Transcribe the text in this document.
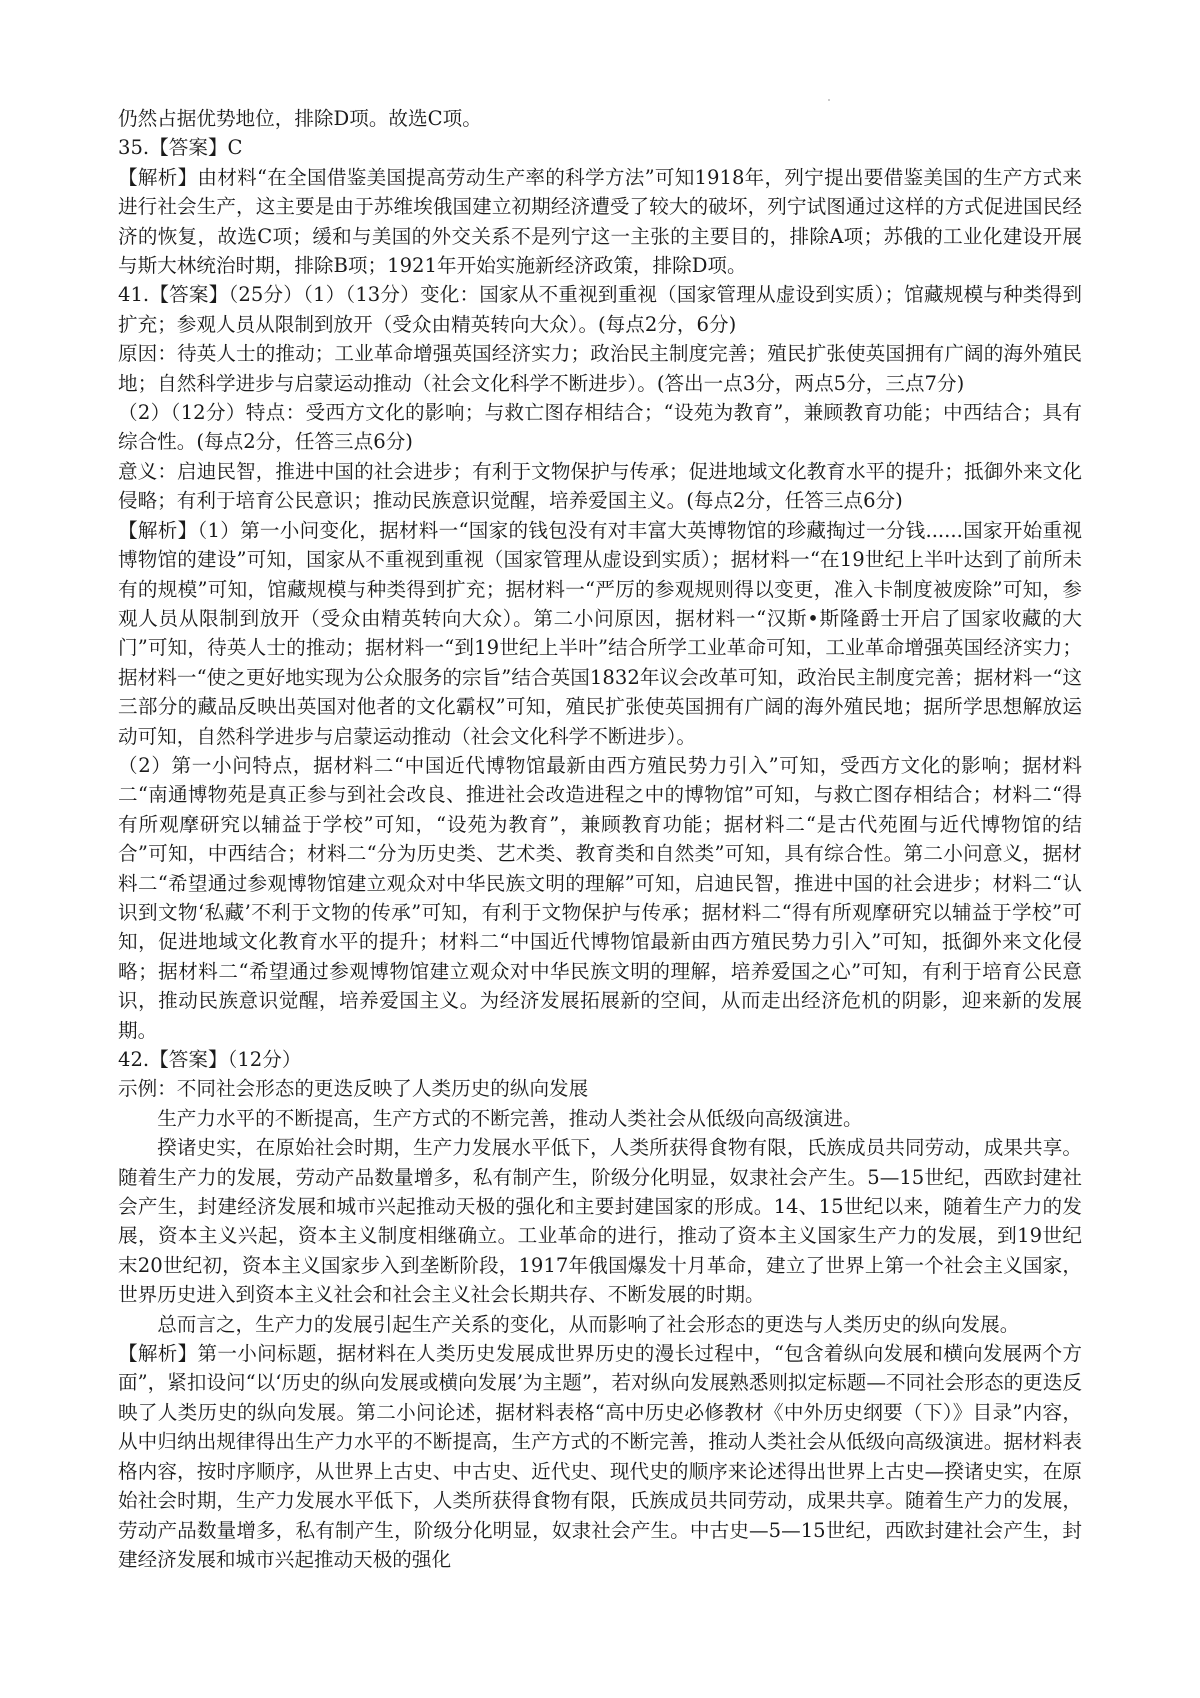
仍然占据优势地位，排除D项。故选C项。

35.【答案】C

【解析】由材料“在全国借鉴美国提高劳动生产率的科学方法”可知1918年，列宁提出要借鉴美国的生产方式来进行社会生产，这主要是由于苏维埃俄国建立初期经济遭受了较大的破坏，列宁试图通过这样的方式促进国民经济的恢复，故选C项；缓和与美国的外交关系不是列宁这一主张的主要目的，排除A项；苏俄的工业化建设开展与斯大林统治时期，排除B项；1921年开始实施新经济政策，排除D项。

41.【答案】（25分）（1）（13分）变化：国家从不重视到重视（国家管理从虚设到实质）；馆藏规模与种类得到扩充；参观人员从限制到放开（受众由精英转向大众）。(每点2分，6分)

原因：待英人士的推动；工业革命增强英国经济实力；政治民主制度完善；殖民扩张使英国拥有广阔的海外殖民地；自然科学进步与启蒙运动推动（社会文化科学不断进步）。(答出一点3分，两点5分，三点7分)

（2）（12分）特点：受西方文化的影响；与救亡图存相结合；“设苑为教育”，兼顾教育功能；中西结合；具有综合性。(每点2分，任答三点6分)

意义：启迪民智，推进中国的社会进步；有利于文物保护与传承；促进地域文化教育水平的提升；抵御外来文化侵略；有利于培育公民意识；推动民族意识觉醒，培养爱国主义。(每点2分，任答三点6分)

【解析】（1）第一小问变化，据材料一“国家的钱包没有对丰富大英博物馆的珍藏掏过一分钱......国家开始重视博物馆的建设”可知，国家从不重视到重视（国家管理从虚设到实质）；据材料一“在19世纪上半叶达到了前所未有的规模”可知，馆藏规模与种类得到扩充；据材料一“严厉的参观规则得以变更，准入卡制度被废除”可知，参观人员从限制到放开（受众由精英转向大众）。第二小问原因，据材料一“汉斯•斯隆爵士开启了国家收藏的大门”可知，待英人士的推动；据材料一“到19世纪上半叶”结合所学工业革命可知，工业革命增强英国经济实力；据材料一“使之更好地实现为公众服务的宗旨”结合英国1832年议会改革可知，政治民主制度完善；据材料一“这三部分的藏品反映出英国对他者的文化霸权”可知，殖民扩张使英国拥有广阔的海外殖民地；据所学思想解放运动可知，自然科学进步与启蒙运动推动（社会文化科学不断进步）。

（2）第一小问特点，据材料二“中国近代博物馆最新由西方殖民势力引入”可知，受西方文化的影响；据材料二“南通博物苑是真正参与到社会改良、推进社会改造进程之中的博物馆”可知，与救亡图存相结合；材料二“得有所观摩研究以辅益于学校”可知，“设苑为教育”，兼顾教育功能；据材料二“是古代苑囿与近代博物馆的结合”可知，中西结合；材料二“分为历史类、艺术类、教育类和自然类”可知，具有综合性。第二小问意义，据材料二“希望通过参观博物馆建立观众对中华民族文明的理解”可知，启迪民智，推进中国的社会进步；材料二“认识到文物‘私藏’不利于文物的传承”可知，有利于文物保护与传承；据材料二“得有所观摩研究以辅益于学校”可知，促进地域文化教育水平的提升；材料二“中国近代博物馆最新由西方殖民势力引入”可知，抵御外来文化侵略；据材料二“希望通过参观博物馆建立观众对中华民族文明的理解，培养爱国之心”可知，有利于培育公民意识，推动民族意识觉醒，培养爱国主义。为经济发展拓展新的空间，从而走出经济危机的阴影，迎来新的发展期。

42.【答案】（12分）

示例：不同社会形态的更迭反映了人类历史的纵向发展

生产力水平的不断提高，生产方式的不断完善，推动人类社会从低级向高级演进。

揆诸史实，在原始社会时期，生产力发展水平低下，人类所获得食物有限，氏族成员共同劳动，成果共享。随着生产力的发展，劳动产品数量增多，私有制产生，阶级分化明显，奴隶社会产生。5—15世纪，西欧封建社会产生，封建经济发展和城市兴起推动天极的强化和主要封建国家的形成。14、15世纪以来，随着生产力的发展，资本主义兴起，资本主义制度相继确立。工业革命的进行，推动了资本主义国家生产力的发展，到19世纪末20世纪初，资本主义国家步入到垄断阶段，1917年俄国爆发十月革命，建立了世界上第一个社会主义国家，世界历史进入到资本主义社会和社会主义社会长期共存、不断发展的时期。

总而言之，生产力的发展引起生产关系的变化，从而影响了社会形态的更迭与人类历史的纵向发展。

【解析】第一小问标题，据材料在人类历史发展成世界历史的漫长过程中，“包含着纵向发展和横向发展两个方面”，紧扣设问“以‘历史的纵向发展或横向发展’为主题”，若对纵向发展熟悉则拟定标题—不同社会形态的更迭反映了人类历史的纵向发展。第二小问论述，据材料表格“高中历史必修教材《中外历史纲要（下）》目录”内容，从中归纳出规律得出生产力水平的不断提高，生产方式的不断完善，推动人类社会从低级向高级演进。据材料表格内容，按时序顺序，从世界上古史、中古史、近代史、现代史的顺序来论述得出世界上古史—揆诸史实，在原始社会时期，生产力发展水平低下，人类所获得食物有限，氏族成员共同劳动，成果共享。随着生产力的发展，劳动产品数量增多，私有制产生，阶级分化明显，奴隶社会产生。中古史—5—15世纪，西欧封建社会产生，封建经济发展和城市兴起推动天极的强化
